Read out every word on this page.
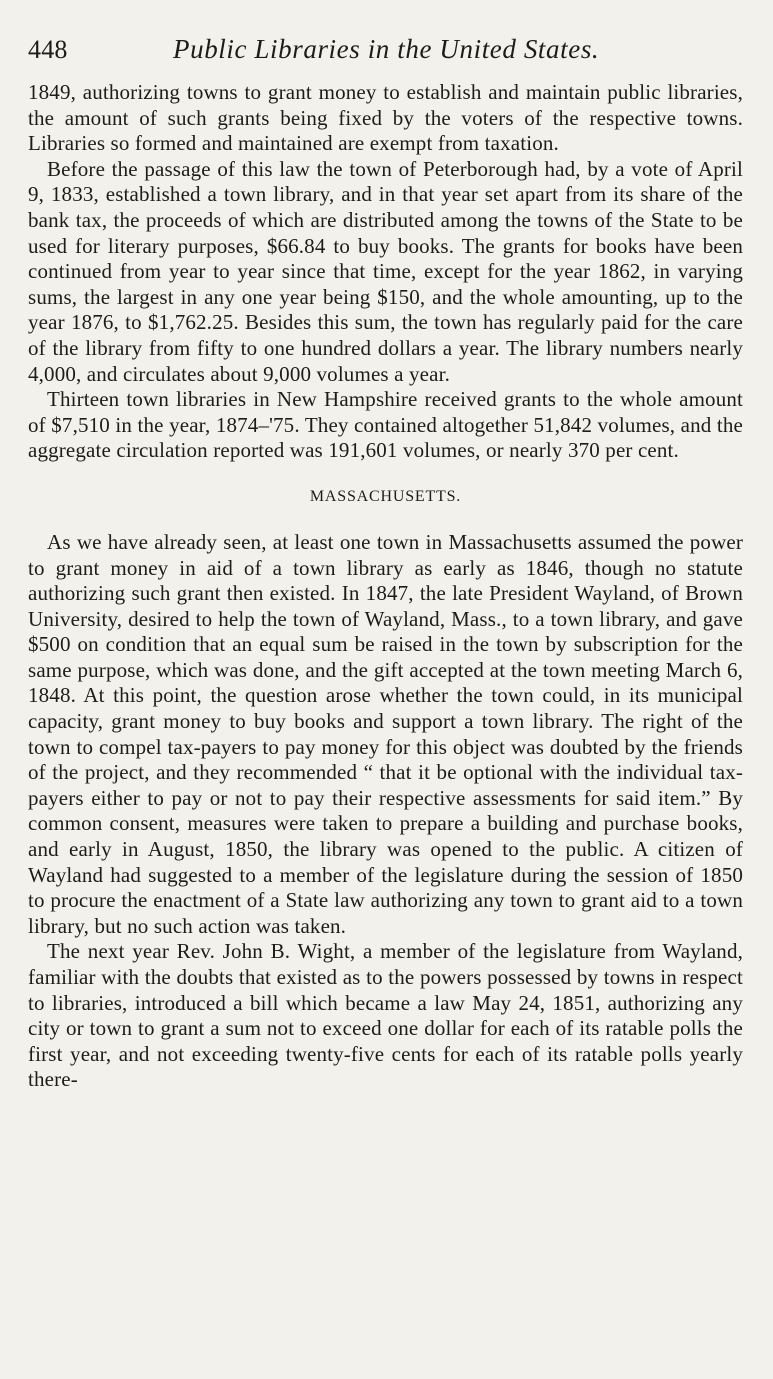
448	Public Libraries in the United States.

1849, authorizing towns to grant money to establish and maintain public libraries, the amount of such grants being fixed by the voters of the respective towns. Libraries so formed and maintained are exempt from taxation.

Before the passage of this law the town of Peterborough had, by a vote of April 9, 1833, established a town library, and in that year set apart from its share of the bank tax, the proceeds of which are distributed among the towns of the State to be used for literary purposes, $66.84 to buy books. The grants for books have been continued from year to year since that time, except for the year 1862, in varying sums, the largest in any one year being $150, and the whole amounting, up to the year 1876, to $1,762.25. Besides this sum, the town has regularly paid for the care of the library from fifty to one hundred dollars a year. The library numbers nearly 4,000, and circulates about 9,000 volumes a year.

Thirteen town libraries in New Hampshire received grants to the whole amount of $7,510 in the year, 1874–'75. They contained altogether 51,842 volumes, and the aggregate circulation reported was 191,601 volumes, or nearly 370 per cent.

MASSACHUSETTS.

As we have already seen, at least one town in Massachusetts assumed the power to grant money in aid of a town library as early as 1846, though no statute authorizing such grant then existed. In 1847, the late President Wayland, of Brown University, desired to help the town of Wayland, Mass., to a town library, and gave $500 on condition that an equal sum be raised in the town by subscription for the same purpose, which was done, and the gift accepted at the town meeting March 6, 1848. At this point, the question arose whether the town could, in its municipal capacity, grant money to buy books and support a town library. The right of the town to compel tax-payers to pay money for this object was doubted by the friends of the project, and they recommended “ that it be optional with the individual tax-payers either to pay or not to pay their respective assessments for said item.” By common consent, measures were taken to prepare a building and purchase books, and early in August, 1850, the library was opened to the public. A citizen of Wayland had suggested to a member of the legislature during the session of 1850 to procure the enactment of a State law authorizing any town to grant aid to a town library, but no such action was taken.

The next year Rev. John B. Wight, a member of the legislature from Wayland, familiar with the doubts that existed as to the powers possessed by towns in respect to libraries, introduced a bill which became a law May 24, 1851, authorizing any city or town to grant a sum not to exceed one dollar for each of its ratable polls the first year, and not exceeding twenty-five cents for each of its ratable polls yearly there-
